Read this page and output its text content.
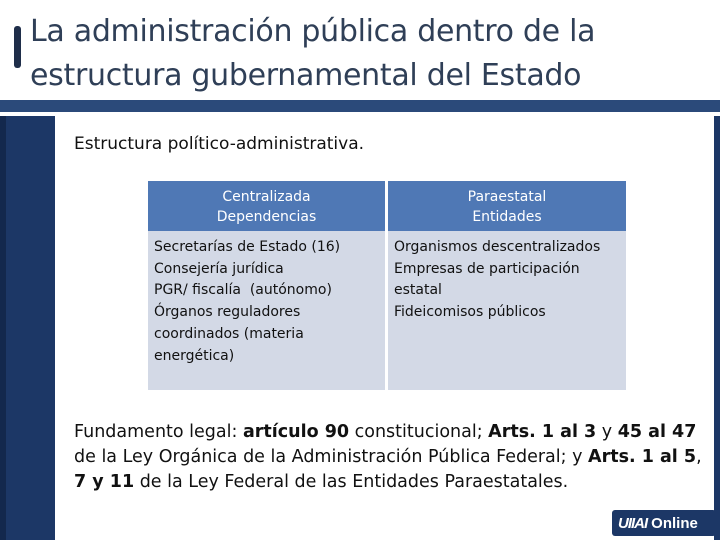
La administración pública dentro de la estructura gubernamental del Estado
Estructura político-administrativa.
Centralizada
Dependencias
Secretarías de Estado (16)
Consejería jurídica
PGR/ fiscalía  (autónomo)
Órganos reguladores coordinados (materia energética)
Paraestatal
Entidades
Organismos descentralizados
Empresas de participación estatal
Fideicomisos públicos

Fundamento legal: artículo 90 constitucional; Arts. 1 al 3 y 45 al 47 de la Ley Orgánica de la Administración Pública Federal; y Arts. 1 al 5, 7 y 11 de la Ley Federal de las Entidades Paraestatales.

UIIAI Online
